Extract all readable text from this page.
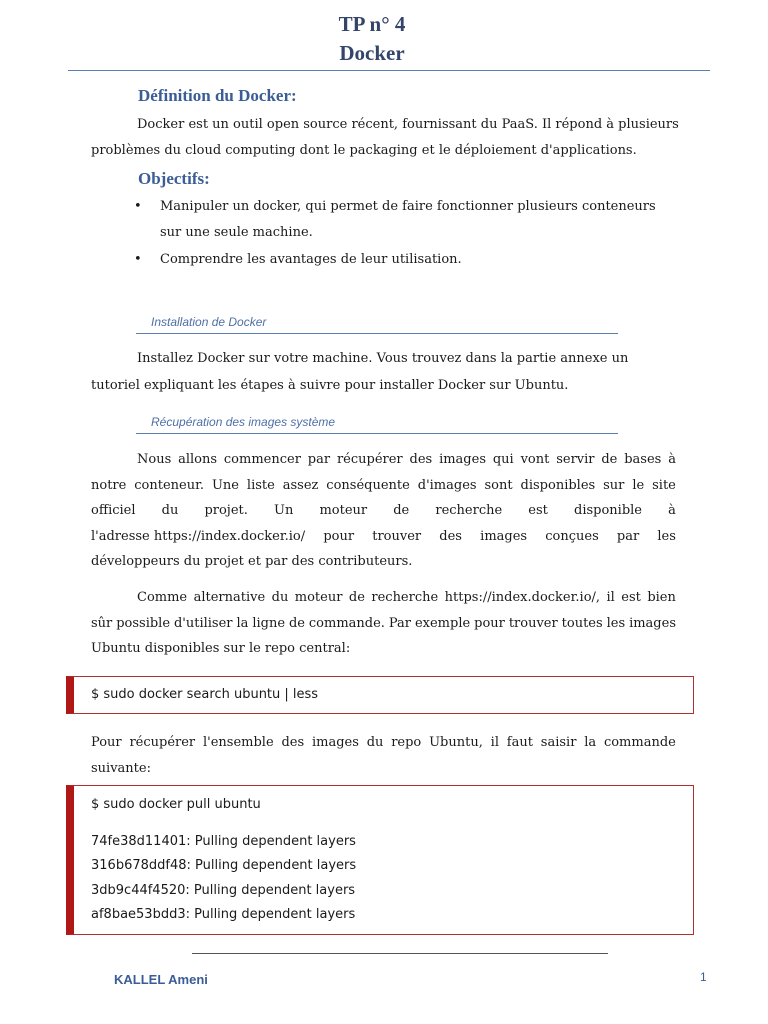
TP n° 4
Docker
Définition du Docker:
Docker est un outil open source récent, fournissant du PaaS. Il répond à plusieurs
problèmes du cloud computing dont le packaging et le déploiement d'applications.
Objectifs:
• Manipuler un docker, qui permet de faire fonctionner plusieurs conteneurs
sur une seule machine.
• Comprendre les avantages de leur utilisation.
Installation de Docker
Installez Docker sur votre machine. Vous trouvez dans la partie annexe un
tutoriel expliquant les étapes à suivre pour installer Docker sur Ubuntu.
Récupération des images système
Nous allons commencer par récupérer des images qui vont servir de bases à
notre conteneur. Une liste assez conséquente d'images sont disponibles sur le site
officiel du projet. Un moteur de recherche est disponible à
l'adresse https://index.docker.io/ pour trouver des images conçues par les
développeurs du projet et par des contributeurs.
Comme alternative du moteur de recherche https://index.docker.io/, il est bien
sûr possible d'utiliser la ligne de commande. Par exemple pour trouver toutes les images
Ubuntu disponibles sur le repo central:
$ sudo docker search ubuntu | less
Pour récupérer l'ensemble des images du repo Ubuntu, il faut saisir la commande
suivante:
$ sudo docker pull ubuntu
74fe38d11401: Pulling dependent layers
316b678ddf48: Pulling dependent layers
3db9c44f4520: Pulling dependent layers
af8bae53bdd3: Pulling dependent layers
KALLEL Ameni	1
